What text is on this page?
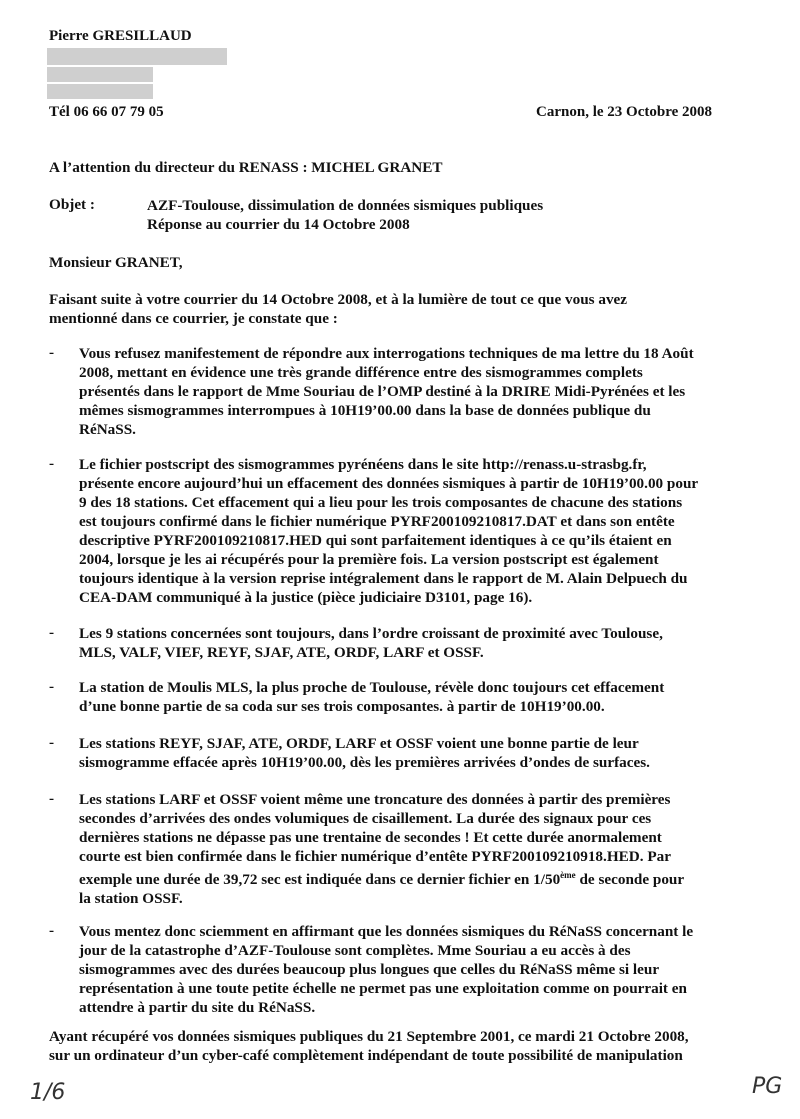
Pierre GRESILLAUD
Tél 06 66 07 79 05	Carnon, le 23 Octobre 2008
A l’attention du directeur du RENASS : MICHEL GRANET
Objet :	AZF-Toulouse, dissimulation de données sismiques publiques
Réponse au courrier du 14 Octobre 2008
Monsieur GRANET,
Faisant suite à votre courrier du 14 Octobre 2008, et à la lumière de tout ce que vous avez
mentionné dans ce courrier, je constate que :
- Vous refusez manifestement de répondre aux interrogations techniques de ma lettre du 18 Août
2008, mettant en évidence une très grande différence entre des sismogrammes complets
présentés dans le rapport de Mme Souriau de l’OMP destiné à la DRIRE Midi-Pyrénées et les
mêmes sismogrammes interrompues à 10H19’00.00 dans la base de données publique du
RéNaSS.
- Le fichier postscript des sismogrammes pyrénéens dans le site http://renass.u-strasbg.fr,
présente encore aujourd’hui un effacement des données sismiques à partir de 10H19’00.00 pour
9 des 18 stations. Cet effacement qui a lieu pour les trois composantes de chacune des stations
est toujours confirmé dans le fichier numérique PYRF200109210817.DAT et dans son entête
descriptive PYRF200109210817.HED qui sont parfaitement identiques à ce qu’ils étaient en
2004, lorsque je les ai récupérés pour la première fois. La version postscript est également
toujours identique à la version reprise intégralement dans le rapport de M. Alain Delpuech du
CEA-DAM communiqué à la justice (pièce judiciaire D3101, page 16).
- Les 9 stations concernées sont toujours, dans l’ordre croissant de proximité avec Toulouse,
MLS, VALF, VIEF, REYF, SJAF, ATE, ORDF, LARF et OSSF.
- La station de Moulis MLS, la plus proche de Toulouse, révèle donc toujours cet effacement
d’une bonne partie de sa coda sur ses trois composantes. à partir de 10H19’00.00.
- Les stations REYF, SJAF, ATE, ORDF, LARF et OSSF voient une bonne partie de leur
sismogramme effacée après 10H19’00.00, dès les premières arrivées d’ondes de surfaces.
- Les stations LARF et OSSF voient même une troncature des données à partir des premières
secondes d’arrivées des ondes volumiques de cisaillement. La durée des signaux pour ces
dernières stations ne dépasse pas une trentaine de secondes ! Et cette durée anormalement
courte est bien confirmée dans le fichier numérique d’entête PYRF200109210918.HED. Par
exemple une durée de 39,72 sec est indiquée dans ce dernier fichier en 1/50ème de seconde pour
la station OSSF.
- Vous mentez donc sciemment en affirmant que les données sismiques du RéNaSS concernant le
jour de la catastrophe d’AZF-Toulouse sont complètes. Mme Souriau a eu accès à des
sismogrammes avec des durées beaucoup plus longues que celles du RéNaSS même si leur
représentation à une toute petite échelle ne permet pas une exploitation comme on pourrait en
attendre à partir du site du RéNaSS.
Ayant récupéré vos données sismiques publiques du 21 Septembre 2001, ce mardi 21 Octobre 2008,
sur un ordinateur d’un cyber-café complètement indépendant de toute possibilité de manipulation
1/6	PG
